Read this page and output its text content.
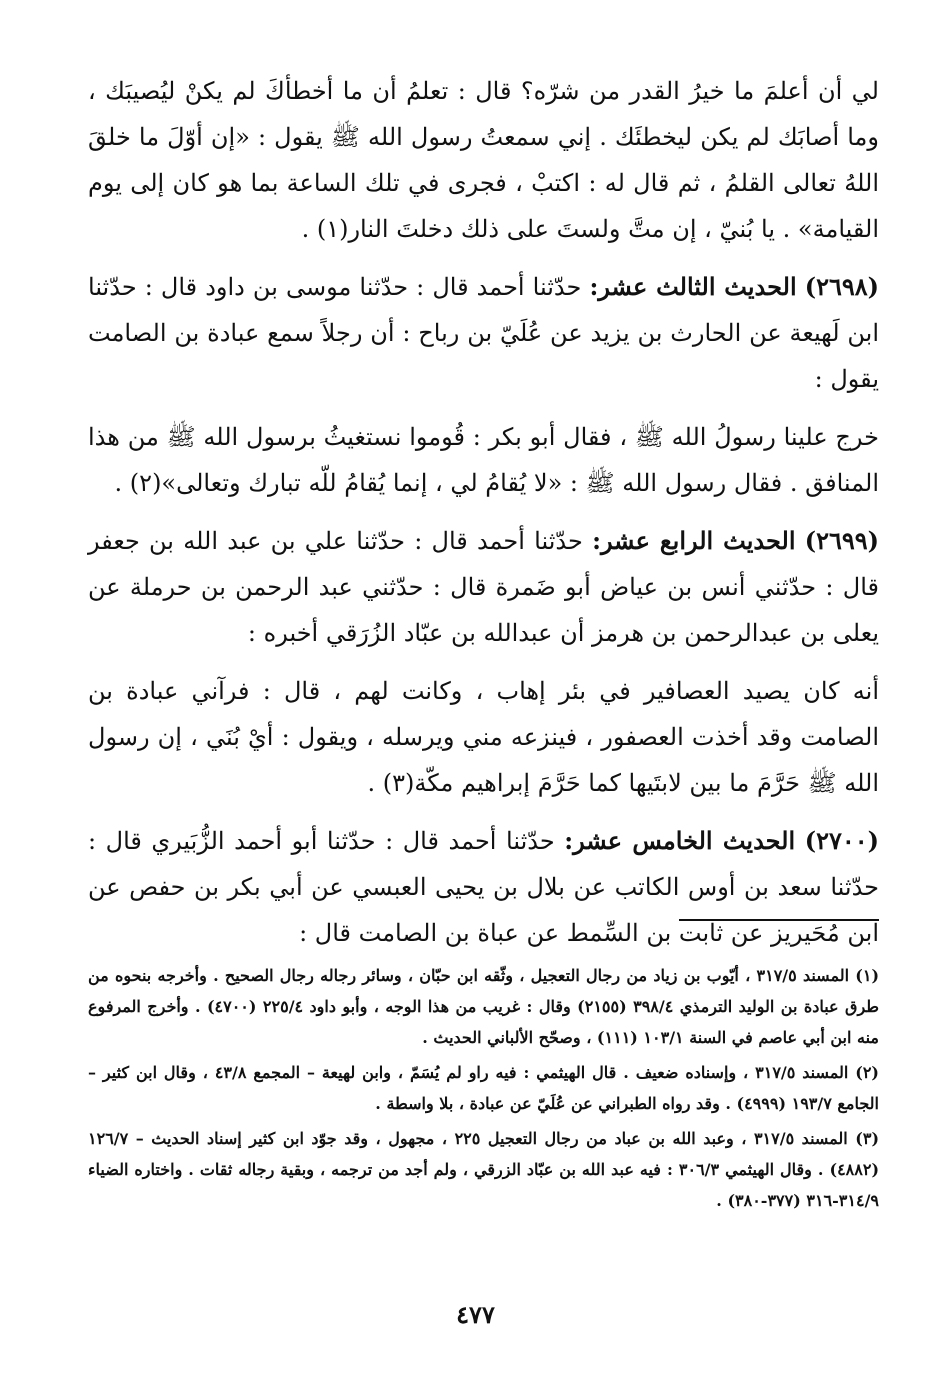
لي أن أعلمَ ما خيرُ القدر من شرّه؟ قال : تعلمُ أن ما أخطأكَ لم يكنْ ليُصيبَك ، وما أصابَك لم يكن ليخطئَك . إني سمعتُ رسول الله ﷺ يقول : «إن أوّلَ ما خلقَ اللهُ تعالى القلمُ ، ثم قال له : اكتبْ ، فجرى في تلك الساعة بما هو كان إلى يوم القيامة» . يا بُنيّ ، إن متَّ ولستَ على ذلك دخلتَ النار(١) .

(٢٦٩٨) الحديث الثالث عشر: حدّثنا أحمد قال : حدّثنا موسى بن داود قال : حدّثنا ابن لَهيعة عن الحارث بن يزيد عن عُلَيّ بن رباح : أن رجلاً سمع عبادة بن الصامت يقول :

خرج علينا رسولُ الله ﷺ ، فقال أبو بكر : قُوموا نستغيثُ برسول الله ﷺ من هذا المنافق . فقال رسول الله ﷺ : «لا يُقامُ لي ، إنما يُقامُ للّه تبارك وتعالى»(٢) .

(٢٦٩٩) الحديث الرابع عشر: حدّثنا أحمد قال : حدّثنا علي بن عبد الله بن جعفر قال : حدّثني أنس بن عياض أبو ضَمرة قال : حدّثني عبد الرحمن بن حرملة عن يعلى بن عبدالرحمن بن هرمز أن عبدالله بن عبّاد الزُرَقي أخبره :

أنه كان يصيد العصافير في بئر إهاب ، وكانت لهم ، قال : فرآني عبادة بن الصامت وقد أخذت العصفور ، فينزعه مني ويرسله ، ويقول : أيْ بُنَي ، إن رسول الله ﷺ حَرَّمَ ما بين لابتَيها كما حَرَّمَ إبراهيم مكّة(٣) .

(٢٧٠٠) الحديث الخامس عشر: حدّثنا أحمد قال : حدّثنا أبو أحمد الزُّبَيري قال : حدّثنا سعد بن أوس الكاتب عن بلال بن يحيى العبسي عن أبي بكر بن حفص عن ابن مُحَيريز عن ثابت بن السِّمط عن عباة بن الصامت قال :

(١) المسند ٣١٧/٥ ، أيّوب بن زياد من رجال التعجيل ، وثّقه ابن حبّان ، وسائر رجاله رجال الصحيح . وأخرجه بنحوه من طرق عبادة بن الوليد الترمذي ٣٩٨/٤ (٢١٥٥) وقال : غريب من هذا الوجه ، وأبو داود ٢٢٥/٤ (٤٧٠٠) . وأخرج المرفوع منه ابن أبي عاصم في السنة ١٠٣/١ (١١١) ، وصحّح الألباني الحديث .

(٢) المسند ٣١٧/٥ ، وإسناده ضعيف . قال الهيثمي : فيه راو لم يُسَمّ ، وابن لهيعة – المجمع ٤٣/٨ ، وقال ابن كثير – الجامع ١٩٣/٧ (٤٩٩٩) . وقد رواه الطبراني عن عُلَيّ عن عبادة ، بلا واسطة .

(٣) المسند ٣١٧/٥ ، وعبد الله بن عباد من رجال التعجيل ٢٢٥ ، مجهول ، وقد جوّد ابن كثير إسناد الحديث – ١٢٦/٧ (٤٨٨٢) . وقال الهيثمي ٣٠٦/٣ : فيه عبد الله بن عبّاد الزرقي ، ولم أجد من ترجمه ، وبقية رجاله ثقات . واختاره الضياء ٣١٤/٩-٣١٦ (٣٧٧-٣٨٠) .

٤٧٧
